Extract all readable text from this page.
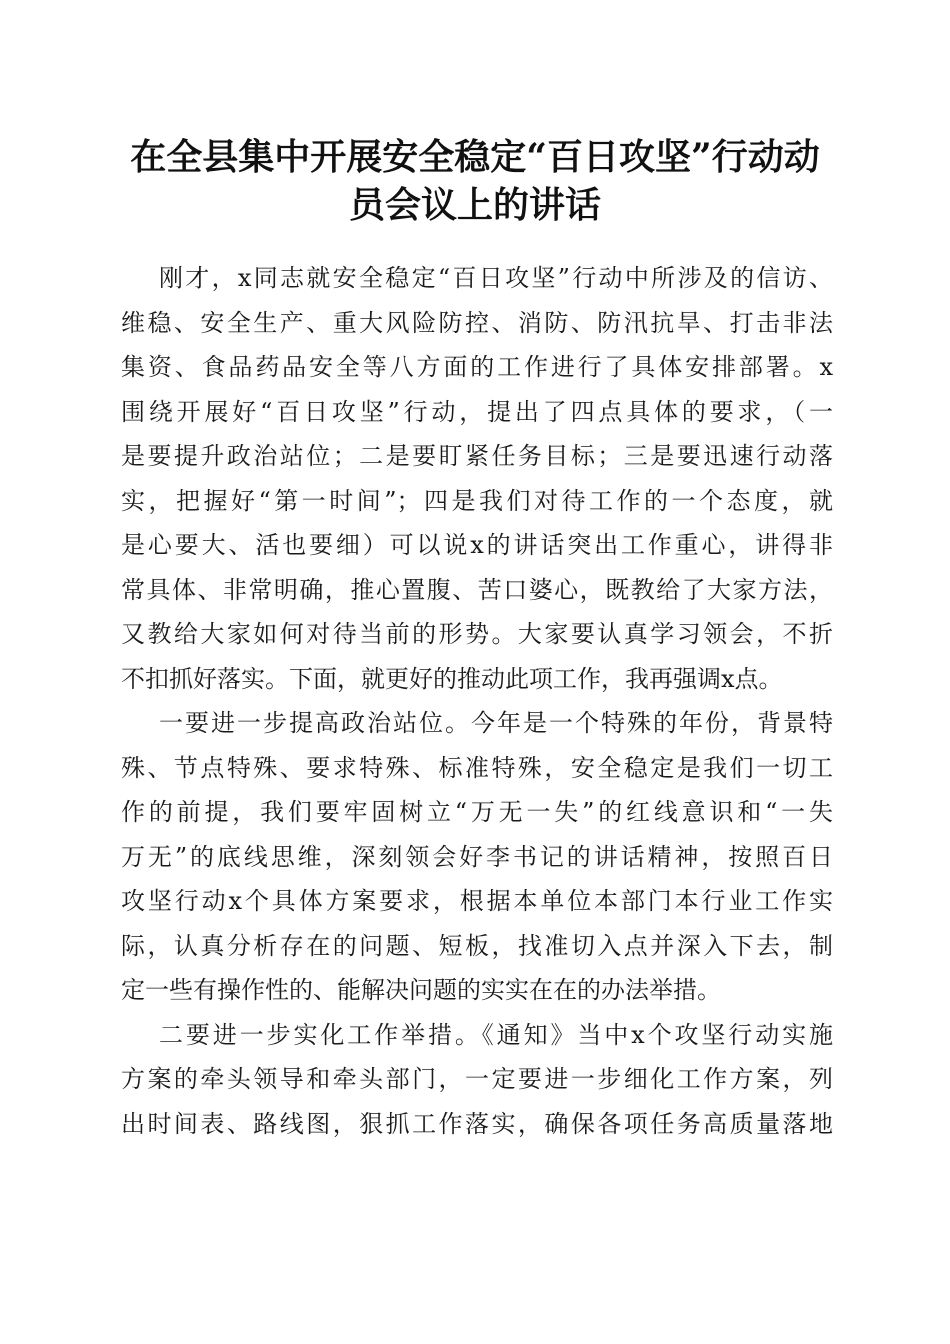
在全县集中开展安全稳定“百日攻坚”行动动
员会议上的讲话
刚才，x同志就安全稳定“百日攻坚”行动中所涉及的信访、
维稳、安全生产、重大风险防控、消防、防汛抗旱、打击非法
集资、食品药品安全等八方面的工作进行了具体安排部署。x
围绕开展好“百日攻坚”行动，提出了四点具体的要求，（一
是要提升政治站位；二是要盯紧任务目标；三是要迅速行动落
实，把握好“第一时间”；四是我们对待工作的一个态度，就
是心要大、活也要细）可以说x的讲话突出工作重心，讲得非
常具体、非常明确，推心置腹、苦口婆心，既教给了大家方法，
又教给大家如何对待当前的形势。大家要认真学习领会，不折
不扣抓好落实。下面，就更好的推动此项工作，我再强调x点。
一要进一步提高政治站位。今年是一个特殊的年份，背景特
殊、节点特殊、要求特殊、标准特殊，安全稳定是我们一切工
作的前提，我们要牢固树立“万无一失”的红线意识和“一失
万无”的底线思维，深刻领会好李书记的讲话精神，按照百日
攻坚行动x个具体方案要求，根据本单位本部门本行业工作实
际，认真分析存在的问题、短板，找准切入点并深入下去，制
定一些有操作性的、能解决问题的实实在在的办法举措。
二要进一步实化工作举措。《通知》当中x个攻坚行动实施
方案的牵头领导和牵头部门，一定要进一步细化工作方案，列
出时间表、路线图，狠抓工作落实，确保各项任务高质量落地
